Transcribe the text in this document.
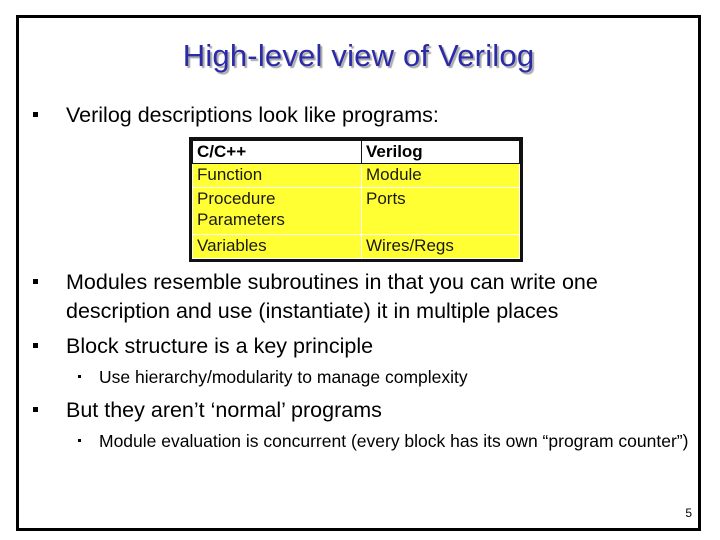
High-level view of Verilog
Verilog descriptions look like programs:
C/C++	Verilog
Function	Module
Procedure Parameters	Ports
Variables	Wires/Regs
Modules resemble subroutines in that you can write one description and use (instantiate) it in multiple places
Block structure is a key principle
Use hierarchy/modularity to manage complexity
But they aren’t ‘normal’ programs
Module evaluation is concurrent (every block has its own “program counter”)
5
